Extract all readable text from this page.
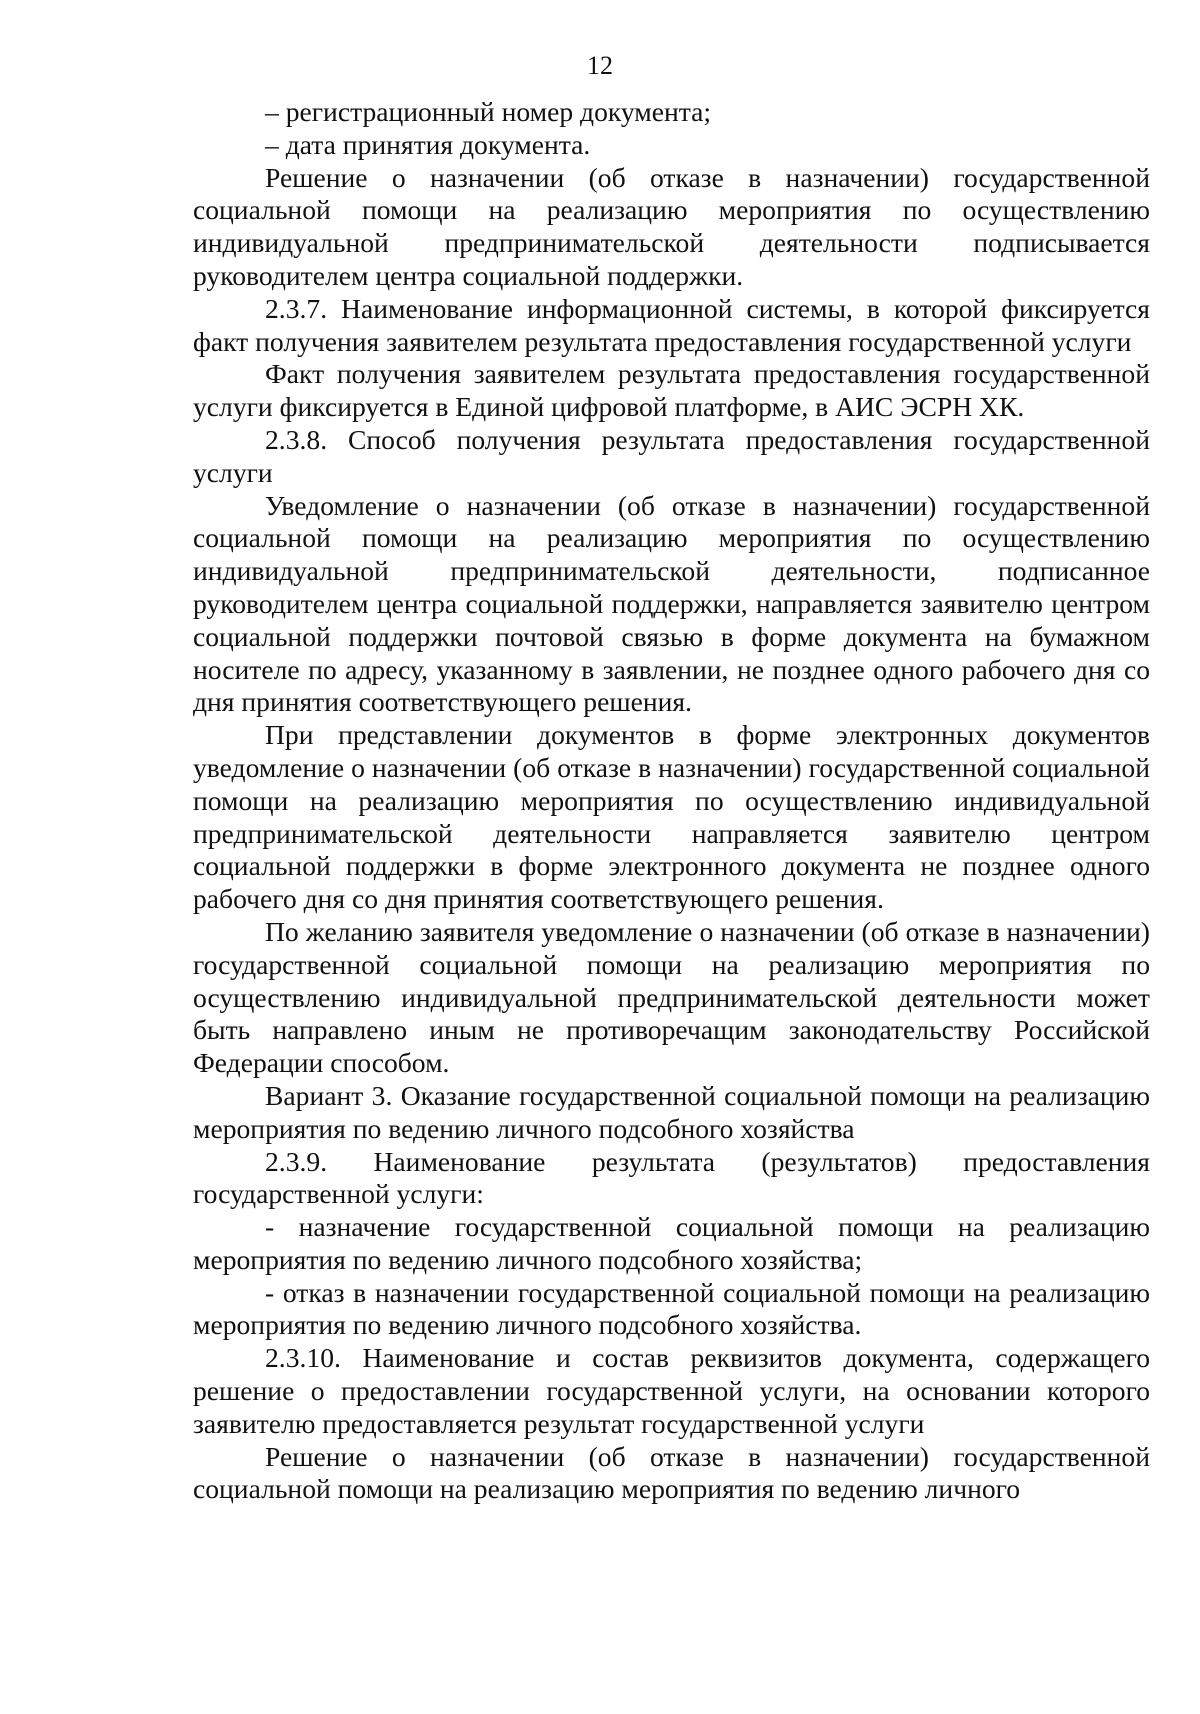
12

– регистрационный номер документа;

– дата принятия документа.

Решение о назначении (об отказе в назначении) государственной социальной помощи на реализацию мероприятия по осуществлению индивидуальной предпринимательской деятельности подписывается руководителем центра социальной поддержки.

2.3.7. Наименование информационной системы, в которой фиксируется факт получения заявителем результата предоставления государственной услуги

Факт получения заявителем результата предоставления государственной услуги фиксируется в Единой цифровой платформе, в АИС ЭСРН ХК.

2.3.8. Способ получения результата предоставления государственной услуги

Уведомление о назначении (об отказе в назначении) государственной социальной помощи на реализацию мероприятия по осуществлению индивидуальной предпринимательской деятельности, подписанное руководителем центра социальной поддержки, направляется заявителю центром социальной поддержки почтовой связью в форме документа на бумажном носителе по адресу, указанному в заявлении, не позднее одного рабочего дня со дня принятия соответствующего решения.

При представлении документов в форме электронных документов уведомление о назначении (об отказе в назначении) государственной социальной помощи на реализацию мероприятия по осуществлению индивидуальной предпринимательской деятельности направляется заявителю центром социальной поддержки в форме электронного документа не позднее одного рабочего дня со дня принятия соответствующего решения.

По желанию заявителя уведомление о назначении (об отказе в назначении) государственной социальной помощи на реализацию мероприятия по осуществлению индивидуальной предпринимательской деятельности может быть направлено иным не противоречащим законодательству Российской Федерации способом.

Вариант 3. Оказание государственной социальной помощи на реализацию мероприятия по ведению личного подсобного хозяйства

2.3.9. Наименование результата (результатов) предоставления государственной услуги:

- назначение государственной социальной помощи на реализацию мероприятия по ведению личного подсобного хозяйства;

- отказ в назначении государственной социальной помощи на реализацию мероприятия по ведению личного подсобного хозяйства.

2.3.10. Наименование и состав реквизитов документа, содержащего решение о предоставлении государственной услуги, на основании которого заявителю предоставляется результат государственной услуги

Решение о назначении (об отказе в назначении) государственной социальной помощи на реализацию мероприятия по ведению личного
